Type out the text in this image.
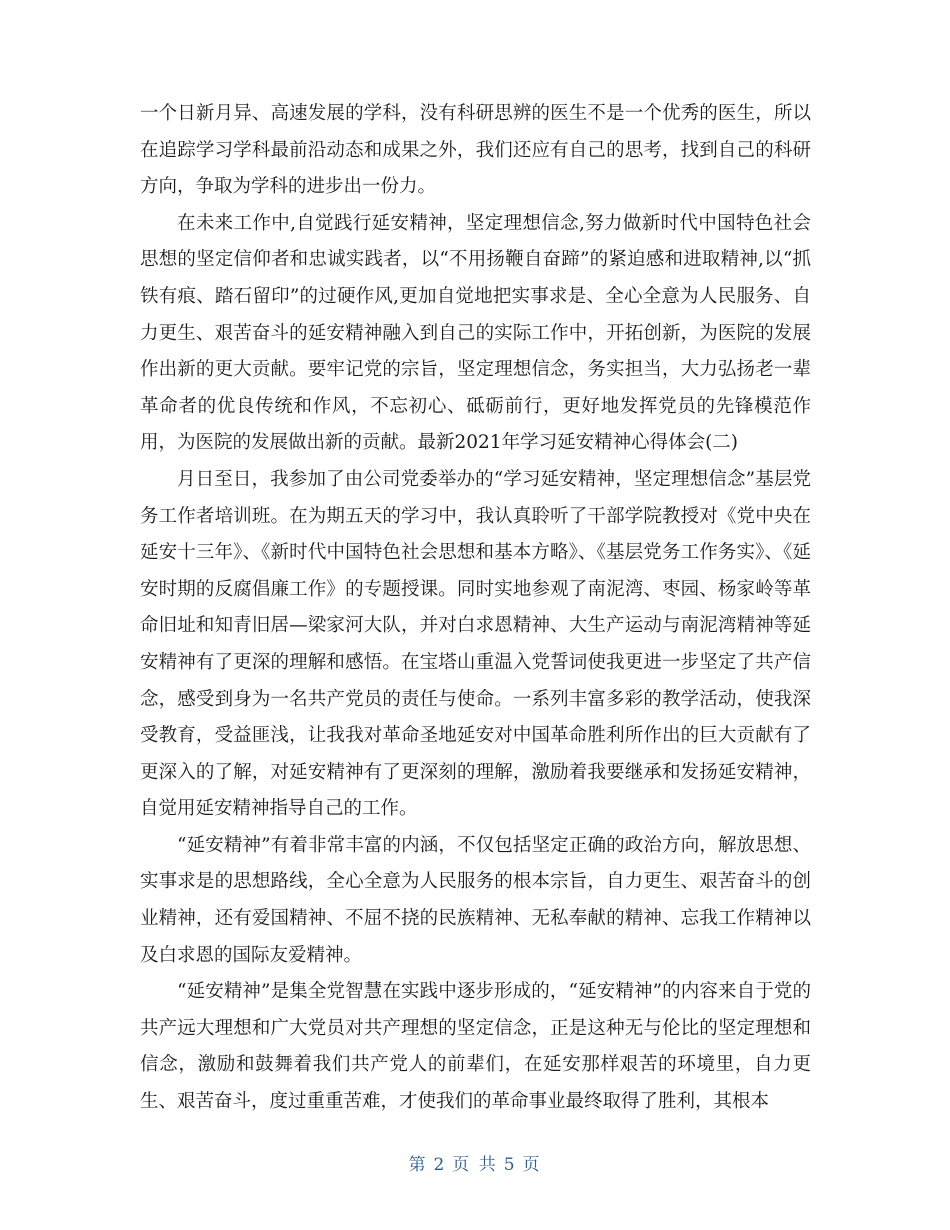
一个日新月异、高速发展的学科，没有科研思辨的医生不是一个优秀的医生，所以在追踪学习学科最前沿动态和成果之外，我们还应有自己的思考，找到自己的科研方向，争取为学科的进步出一份力。

在未来工作中,自觉践行延安精神，坚定理想信念,努力做新时代中国特色社会思想的坚定信仰者和忠诚实践者，以“不用扬鞭自奋蹄”的紧迫感和进取精神,以“抓铁有痕、踏石留印”的过硬作风,更加自觉地把实事求是、全心全意为人民服务、自力更生、艰苦奋斗的延安精神融入到自己的实际工作中，开拓创新，为医院的发展作出新的更大贡献。要牢记党的宗旨，坚定理想信念，务实担当，大力弘扬老一辈革命者的优良传统和作风，不忘初心、砥砺前行，更好地发挥党员的先锋模范作用，为医院的发展做出新的贡献。最新2021年学习延安精神心得体会(二)

月日至日，我参加了由公司党委举办的“学习延安精神，坚定理想信念”基层党务工作者培训班。在为期五天的学习中，我认真聆听了干部学院教授对《党中央在延安十三年》、《新时代中国特色社会思想和基本方略》、《基层党务工作务实》、《延安时期的反腐倡廉工作》的专题授课。同时实地参观了南泥湾、枣园、杨家岭等革命旧址和知青旧居—梁家河大队，并对白求恩精神、大生产运动与南泥湾精神等延安精神有了更深的理解和感悟。在宝塔山重温入党誓词使我更进一步坚定了共产信念，感受到身为一名共产党员的责任与使命。一系列丰富多彩的教学活动，使我深受教育，受益匪浅，让我我对革命圣地延安对中国革命胜利所作出的巨大贡献有了更深入的了解，对延安精神有了更深刻的理解，激励着我要继承和发扬延安精神，自觉用延安精神指导自己的工作。

“延安精神”有着非常丰富的内涵，不仅包括坚定正确的政治方向，解放思想、实事求是的思想路线，全心全意为人民服务的根本宗旨，自力更生、艰苦奋斗的创业精神，还有爱国精神、不屈不挠的民族精神、无私奉献的精神、忘我工作精神以及白求恩的国际友爱精神。

“延安精神”是集全党智慧在实践中逐步形成的，“延安精神”的内容来自于党的共产远大理想和广大党员对共产理想的坚定信念，正是这种无与伦比的坚定理想和信念，激励和鼓舞着我们共产党人的前辈们，在延安那样艰苦的环境里，自力更生、艰苦奋斗，度过重重苦难，才使我们的革命事业最终取得了胜利，其根本

第 2 页 共 5 页
